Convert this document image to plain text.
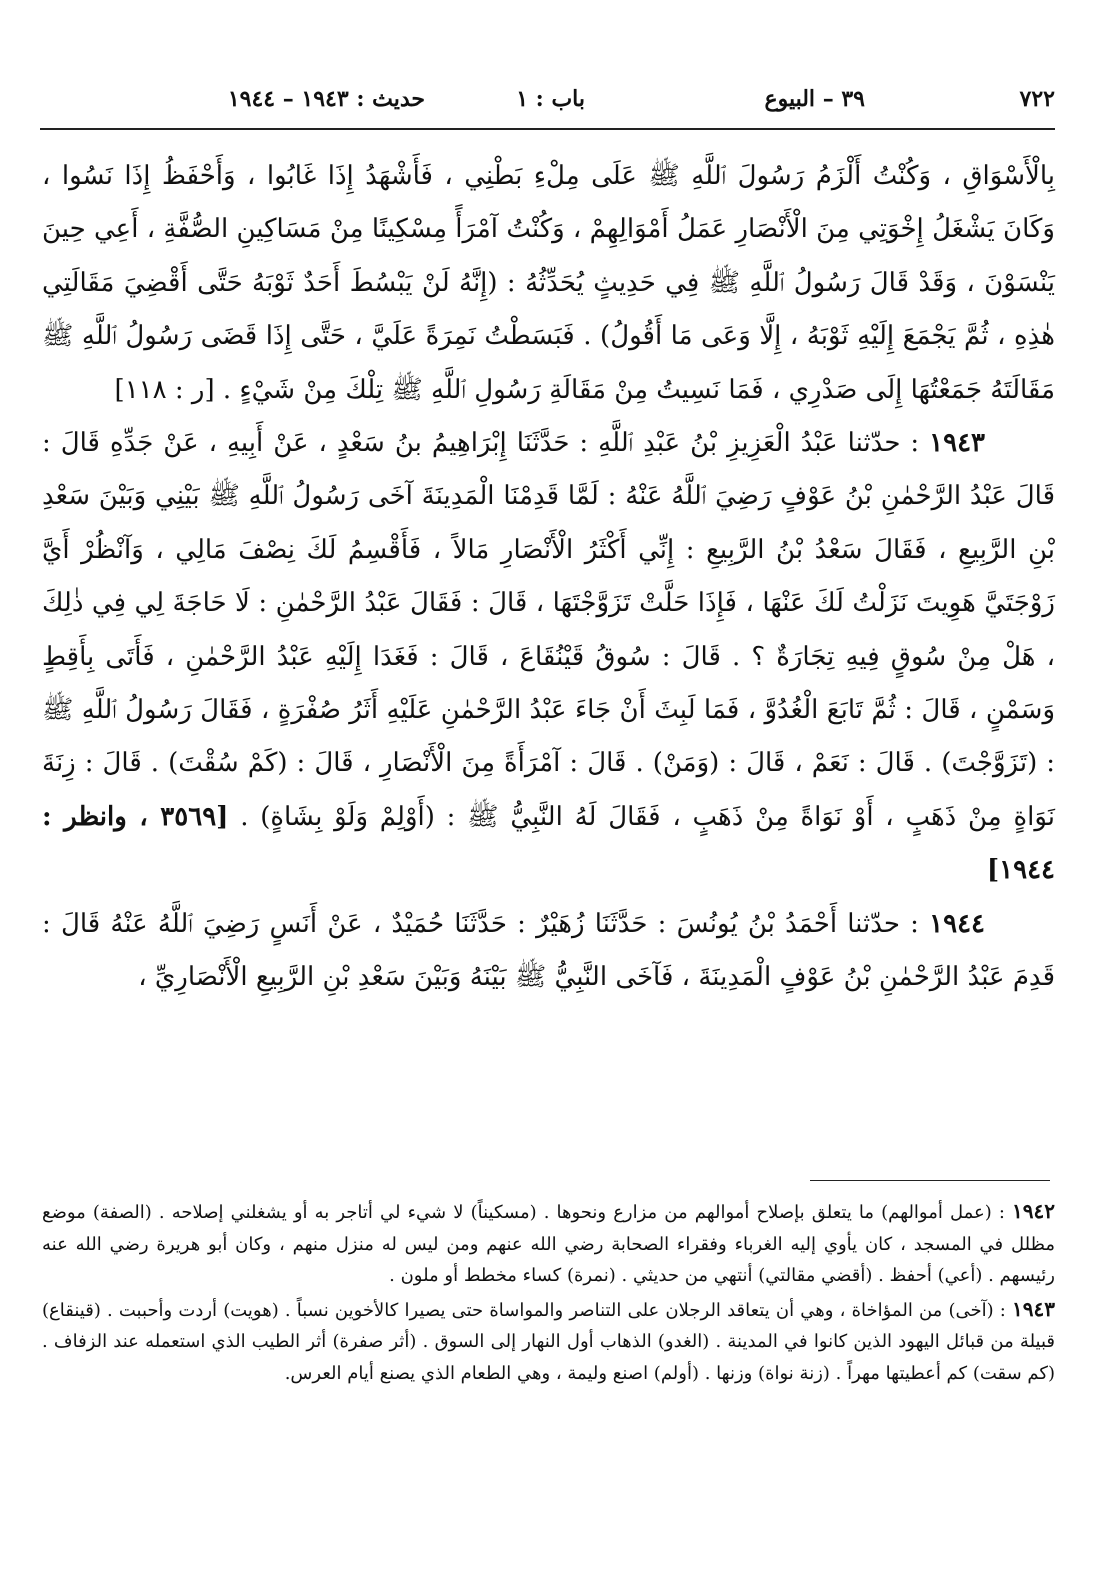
٧٢٢
٣٩ – البيوع
باب : ١
حديث : ١٩٤٣ – ١٩٤٤

بِالْأَسْوَاقِ ، وَكُنْتُ أَلْزَمُ رَسُولَ ٱللَّهِ ﷺ عَلَى مِلْءِ بَطْنِي ، فَأَشْهَدُ إِذَا غَابُوا ، وَأَحْفَظُ إِذَا نَسُوا ، وَكَانَ يَشْغَلُ إِخْوَتِي مِنَ الْأَنْصَارِ عَمَلُ أَمْوَالِهِمْ ، وَكُنْتُ آمْرَأً مِسْكِينًا مِنْ مَسَاكِينِ الصُّفَّةِ ، أَعِي حِينَ يَنْسَوْنَ ، وَقَدْ قَالَ رَسُولُ ٱللَّهِ ﷺ فِي حَدِيثٍ يُحَدِّثُهُ : (إِنَّهُ لَنْ يَبْسُطَ أَحَدٌ ثَوْبَهُ حَتَّى أَقْضِيَ مَقَالَتِي هٰذِهِ ، ثُمَّ يَجْمَعَ إِلَيْهِ ثَوْبَهُ ، إِلَّا وَعَى مَا أَقُولُ) . فَبَسَطْتُ نَمِرَةً عَلَيَّ ، حَتَّى إِذَا قَضَى رَسُولُ ٱللَّهِ ﷺ مَقَالَتَهُ جَمَعْتُهَا إِلَى صَدْرِي ، فَمَا نَسِيتُ مِنْ مَقَالَةِ رَسُولِ ٱللَّهِ ﷺ تِلْكَ مِنْ شَيْءٍ . [ر : ١١٨]

١٩٤٣ : حدّثنا عَبْدُ الْعَزِيزِ بْنُ عَبْدِ ٱللَّهِ : حَدَّثَنَا إِبْرَاهِيمُ بنُ سَعْدٍ ، عَنْ أَبِيهِ ، عَنْ جَدِّهِ قَالَ : قَالَ عَبْدُ الرَّحْمٰنِ بْنُ عَوْفٍ رَضِيَ ٱللَّهُ عَنْهُ : لَمَّا قَدِمْنَا الْمَدِينَةَ آخَى رَسُولُ ٱللَّهِ ﷺ بَيْنِي وَبَيْنَ سَعْدِ بْنِ الرَّبِيعِ ، فَقَالَ سَعْدُ بْنُ الرَّبِيعِ : إِنِّي أَكْثَرُ الْأَنْصَارِ مَالاً ، فَأَقْسِمُ لَكَ نِصْفَ مَالِي ، وَآنْظُرْ أَيَّ زَوْجَتَيَّ هَوِيتَ نَزَلْتُ لَكَ عَنْهَا ، فَإِذَا حَلَّتْ تَزَوَّجْتَهَا ، قَالَ : فَقَالَ عَبْدُ الرَّحْمٰنِ : لَا حَاجَةَ لِي فِي ذٰلِكَ ، هَلْ مِنْ سُوقٍ فِيهِ تِجَارَةٌ ؟ . قَالَ : سُوقُ قَيْنُقَاعَ ، قَالَ : فَغَدَا إِلَيْهِ عَبْدُ الرَّحْمٰنِ ، فَأَتَى بِأَقِطٍ وَسَمْنٍ ، قَالَ : ثُمَّ تَابَعَ الْغُدُوَّ ، فَمَا لَبِثَ أَنْ جَاءَ عَبْدُ الرَّحْمٰنِ عَلَيْهِ أَثَرُ صُفْرَةٍ ، فَقَالَ رَسُولُ ٱللَّهِ ﷺ : (تَزَوَّجْتَ) . قَالَ : نَعَمْ ، قَالَ : (وَمَنْ) . قَالَ : آمْرَأَةً مِنَ الْأَنْصَارِ ، قَالَ : (كَمْ سُقْتَ) . قَالَ : زِنَةَ نَوَاةٍ مِنْ ذَهَبٍ ، أَوْ نَوَاةً مِنْ ذَهَبٍ ، فَقَالَ لَهُ النَّبِيُّ ﷺ : (أَوْلِمْ وَلَوْ بِشَاةٍ) . [٣٥٦٩ ، وانظر : ١٩٤٤]

١٩٤٤ : حدّثنا أَحْمَدُ بْنُ يُونُسَ : حَدَّثَنَا زُهَيْرٌ : حَدَّثَنَا حُمَيْدٌ ، عَنْ أَنَسٍ رَضِيَ ٱللَّهُ عَنْهُ قَالَ : قَدِمَ عَبْدُ الرَّحْمٰنِ بْنُ عَوْفٍ الْمَدِينَةَ ، فَآخَى النَّبِيُّ ﷺ بَيْنَهُ وَبَيْنَ سَعْدِ بْنِ الرَّبِيعِ الْأَنْصَارِيِّ ،

١٩٤٢ : (عمل أموالهم) ما يتعلق بإصلاح أموالهم من مزارع ونحوها . (مسكيناً) لا شيء لي أتاجر به أو يشغلني إصلاحه . (الصفة) موضع مظلل في المسجد ، كان يأوي إليه الغرباء وفقراء الصحابة رضي الله عنهم ومن ليس له منزل منهم ، وكان أبو هريرة رضي الله عنه رئيسهم . (أعي) أحفظ . (أقضي مقالتي) أنتهي من حديثي . (نمرة) كساء مخطط أو ملون .

١٩٤٣ : (آخى) من المؤاخاة ، وهي أن يتعاقد الرجلان على التناصر والمواساة حتى يصيرا كالأخوين نسباً . (هويت) أردت وأحببت . (قينقاع) قبيلة من قبائل اليهود الذين كانوا في المدينة . (الغدو) الذهاب أول النهار إلى السوق . (أثر صفرة) أثر الطيب الذي استعمله عند الزفاف . (كم سقت) كم أعطيتها مهراً . (زنة نواة) وزنها . (أولم) اصنع وليمة ، وهي الطعام الذي يصنع أيام العرس.
